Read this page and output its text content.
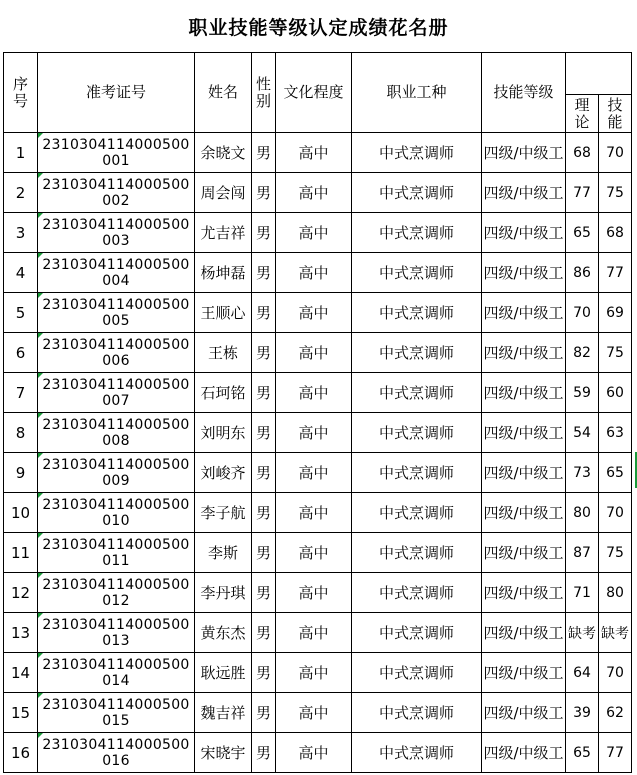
职业技能等级认定成绩花名册
序号	准考证号	姓名	性别	文化程度	职业工种	技能等级		
							理论	技能
1	2310304114000500001	余晓文	男	高中	中式烹调师	四级/中级工	68	70
2	2310304114000500002	周会闯	男	高中	中式烹调师	四级/中级工	77	75
3	2310304114000500003	尤吉祥	男	高中	中式烹调师	四级/中级工	65	68
4	2310304114000500004	杨坤磊	男	高中	中式烹调师	四级/中级工	86	77
5	2310304114000500005	王顺心	男	高中	中式烹调师	四级/中级工	70	69
6	2310304114000500006	王栋	男	高中	中式烹调师	四级/中级工	82	75
7	2310304114000500007	石珂铭	男	高中	中式烹调师	四级/中级工	59	60
8	2310304114000500008	刘明东	男	高中	中式烹调师	四级/中级工	54	63
9	2310304114000500009	刘峻齐	男	高中	中式烹调师	四级/中级工	73	65
10	2310304114000500010	李子航	男	高中	中式烹调师	四级/中级工	80	70
11	2310304114000500011	李斯	男	高中	中式烹调师	四级/中级工	87	75
12	2310304114000500012	李丹琪	男	高中	中式烹调师	四级/中级工	71	80
13	2310304114000500013	黄东杰	男	高中	中式烹调师	四级/中级工	缺考	缺考
14	2310304114000500014	耿远胜	男	高中	中式烹调师	四级/中级工	64	70
15	2310304114000500015	魏吉祥	男	高中	中式烹调师	四级/中级工	39	62
16	2310304114000500016	宋晓宇	男	高中	中式烹调师	四级/中级工	65	77
